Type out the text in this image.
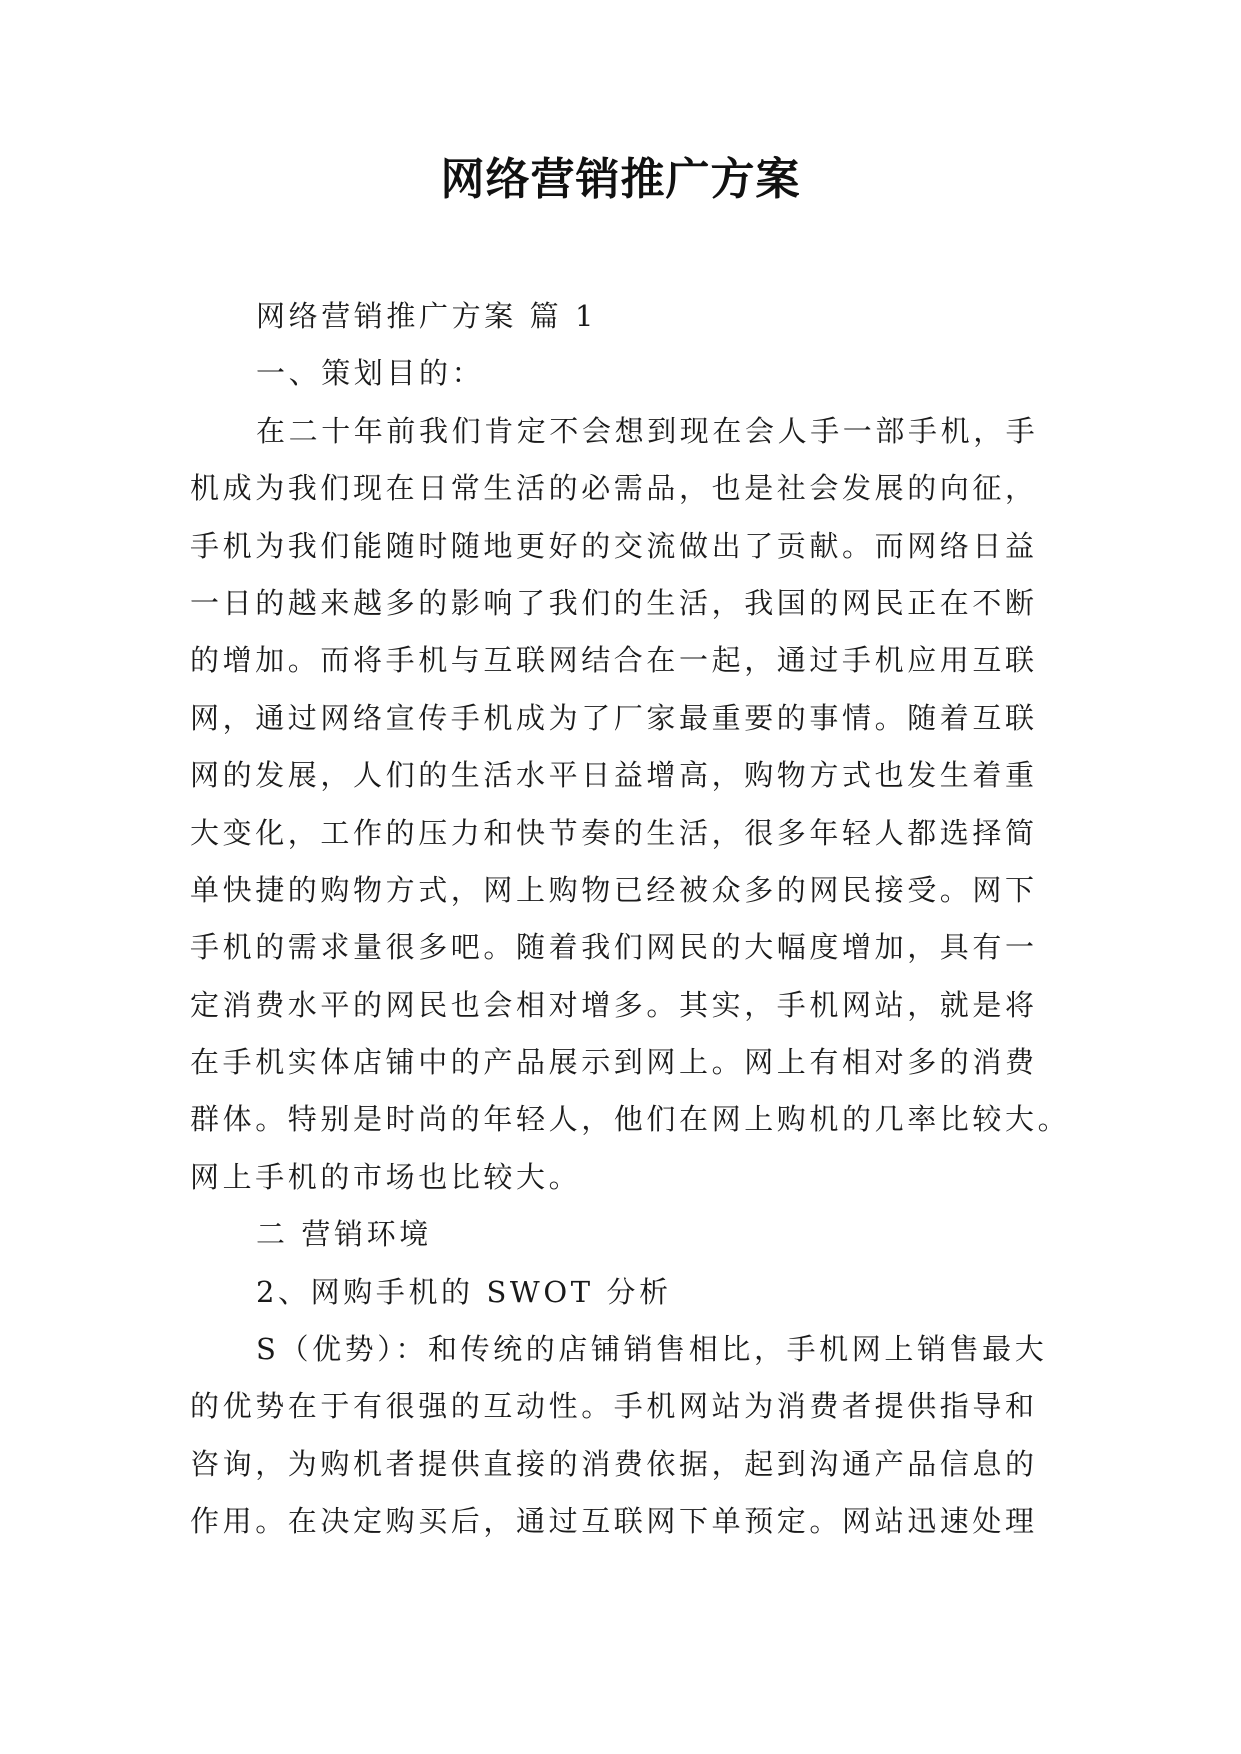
网络营销推广方案
网络营销推广方案 篇 1
一、策划目的：
在二十年前我们肯定不会想到现在会人手一部手机，手
机成为我们现在日常生活的必需品，也是社会发展的向征，
手机为我们能随时随地更好的交流做出了贡献。而网络日益
一日的越来越多的影响了我们的生活，我国的网民正在不断
的增加。而将手机与互联网结合在一起，通过手机应用互联
网，通过网络宣传手机成为了厂家最重要的事情。随着互联
网的发展，人们的生活水平日益增高，购物方式也发生着重
大变化，工作的压力和快节奏的生活，很多年轻人都选择简
单快捷的购物方式，网上购物已经被众多的网民接受。网下
手机的需求量很多吧。随着我们网民的大幅度增加，具有一
定消费水平的网民也会相对增多。其实，手机网站，就是将
在手机实体店铺中的产品展示到网上。网上有相对多的消费
群体。特别是时尚的年轻人，他们在网上购机的几率比较大。
网上手机的市场也比较大。
二 营销环境
2、网购手机的 SWOT 分析
S（优势）：和传统的店铺销售相比，手机网上销售最大
的优势在于有很强的互动性。手机网站为消费者提供指导和
咨询，为购机者提供直接的消费依据，起到沟通产品信息的
作用。在决定购买后，通过互联网下单预定。网站迅速处理
